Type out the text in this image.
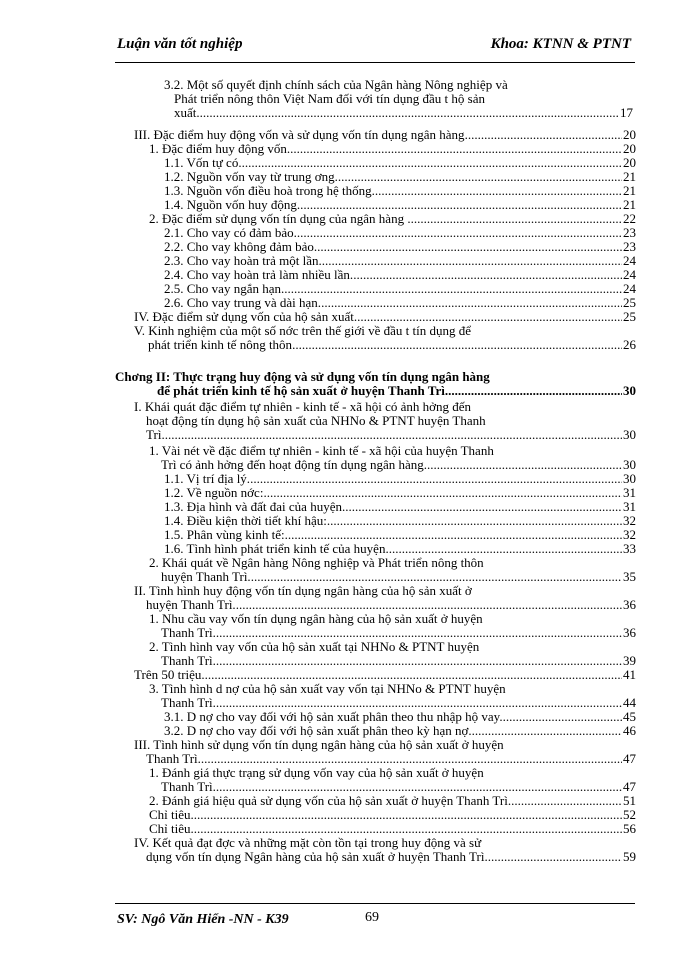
Luận văn tốt nghiệp	Khoa: KTNN & PTNT
3.2. Một số quyết định chính sách của Ngân hàng Nông nghiệp và
Phát triển nông thôn Việt Nam đối với tín dụng đầu t hộ sản
xuất .....	17
III. Đặc điểm huy động vốn và sử dụng vốn tín dụng ngân hàng .....	20
1. Đặc điểm huy động vốn .....	20
1.1. Vốn tự có .....	20
1.2. Nguồn vốn vay từ trung ơng. .....	21
1.3. Nguồn vốn điều hoà trong hệ thống. .....	21
1.4. Nguồn vốn huy động. .....	21
2. Đặc điểm sử dụng vốn tín dụng của ngân hàng . .....	22
2.1. Cho vay có đảm bảo .....	23
2.2. Cho vay không đảm bảo. .....	23
2.3. Cho vay hoàn trả một lần. .....	24
2.4. Cho vay hoàn trả làm nhiều lần. .....	24
2.5. Cho vay ngắn hạn. .....	24
2.6. Cho vay trung và dài hạn. .....	25
IV. Đặc điểm sử dụng vốn của hộ sản xuất. .....	25
V. Kinh nghiệm của một số nớc trên thế giới về đầu t tín dụng để
phát triển kinh tế nông thôn .....	26
Chơng II: Thực trạng huy động và sử dụng vốn tín dụng ngân hàng
để phát triển kinh tế hộ sản xuất ở huyện Thanh Trì .....	30
I. Khái quát đặc điểm tự nhiên - kinh tế - xã hội có ảnh hởng đến
hoạt động tín dụng hộ sản xuất của NHNo & PTNT huyện Thanh
Trì .....	30
1. Vài nét về đặc điểm tự nhiên - kinh tế - xã hội của huyện Thanh
Trì có ảnh hởng đến hoạt động tín dụng ngân hàng. .....	30
1.1. Vị trí địa lý. .....	30
1.2. Về nguồn nớc: .....	31
1.3. Địa hình và đất đai của huyện. .....	31
1.4. Điều kiện thời tiết khí hậu: .....	32
1.5. Phân vùng kinh tế: .....	32
1.6. Tình hình phát triển kinh tế của huyện. .....	33
2. Khái quát về Ngân hàng Nông nghiệp và Phát triển nông thôn
huyện Thanh Trì. .....	35
II. Tình hình huy động vốn tín dụng ngân hàng của hộ sản xuất ở
huyện Thanh Trì. .....	36
1. Nhu cầu vay vốn tín dụng ngân hàng của hộ sản xuất ở huyện
Thanh Trì. .....	36
2. Tình hình vay vốn của hộ sản xuất tại NHNo & PTNT huyện
Thanh Trì. .....	39
Trên 50 triệu .....	41
3. Tình hình d nợ của hộ sản xuất vay vốn tại NHNo & PTNT huyện
Thanh Trì. .....	44
3.1. D nợ cho vay đối với hộ sản xuất phân theo thu nhập hộ vay. .....	45
3.2. D nợ cho vay đối với hộ sản xuất phân theo kỳ hạn nợ. .....	46
III. Tình hình sử dụng vốn tín dụng ngân hàng của hộ sản xuất ở huyện
Thanh Trì. .....	47
1. Đánh giá thực trạng sử dụng vốn vay của hộ sản xuất ở huyện
Thanh Trì. .....	47
2. Đánh giá hiệu quả sử dụng vốn của hộ sản xuất ở huyện Thanh Trì. .....	51
Chỉ tiêu .....	52
Chỉ tiêu .....	56
IV. Kết quả đạt đợc và những mặt còn tồn tại trong huy động và sử
dụng vốn tín dụng Ngân hàng của hộ sản xuất ở huyện Thanh Trì. .....	59
SV: Ngô Văn Hiển -NN - K39	69
